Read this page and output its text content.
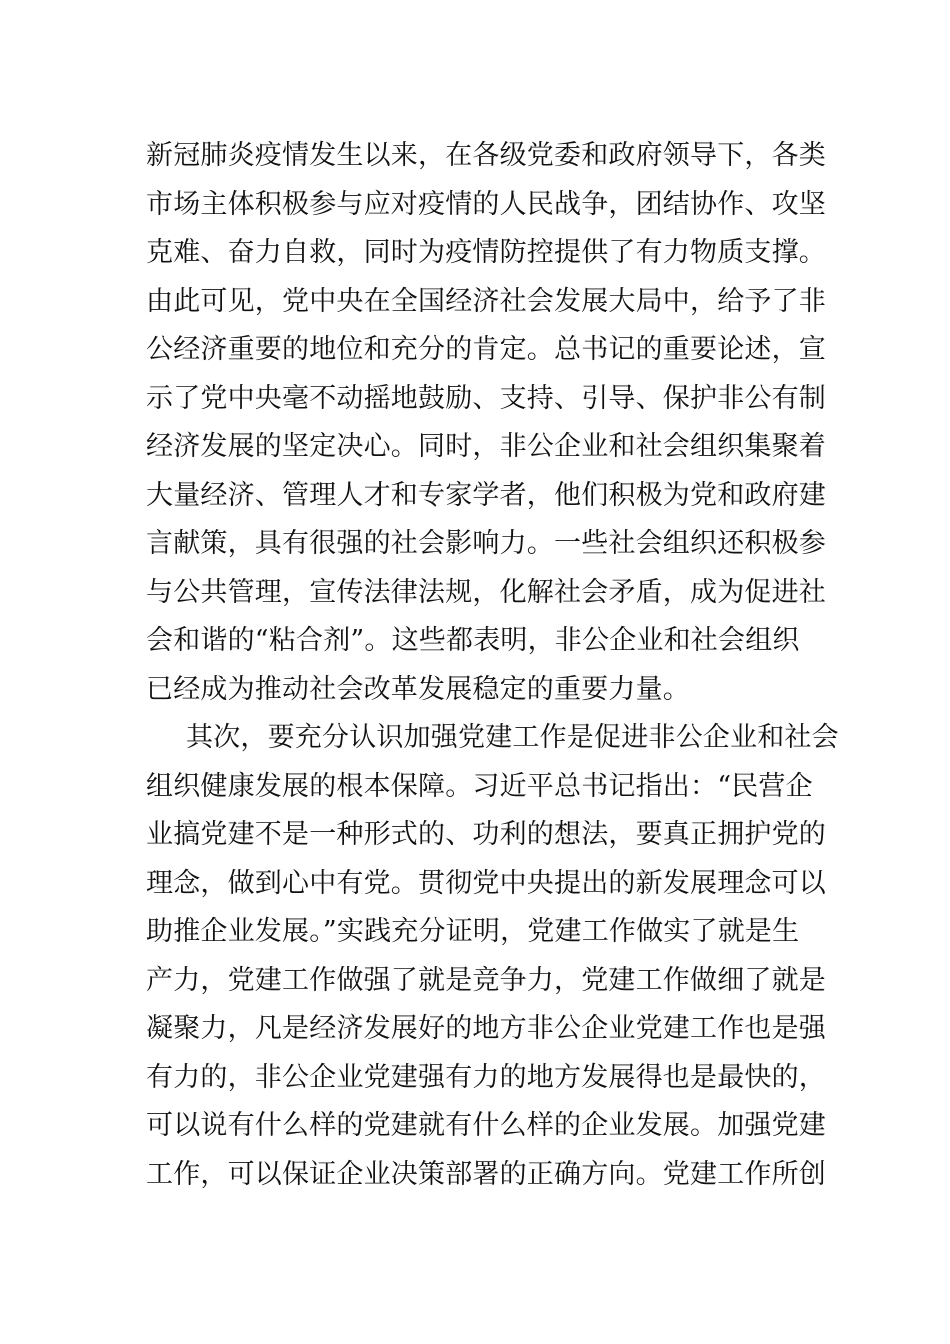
新冠肺炎疫情发生以来，在各级党委和政府领导下，各类
市场主体积极参与应对疫情的人民战争，团结协作、攻坚
克难、奋力自救，同时为疫情防控提供了有力物质支撑。
由此可见，党中央在全国经济社会发展大局中，给予了非
公经济重要的地位和充分的肯定。总书记的重要论述，宣
示了党中央毫不动摇地鼓励、支持、引导、保护非公有制
经济发展的坚定决心。同时，非公企业和社会组织集聚着
大量经济、管理人才和专家学者，他们积极为党和政府建
言献策，具有很强的社会影响力。一些社会组织还积极参
与公共管理，宣传法律法规，化解社会矛盾，成为促进社
会和谐的“粘合剂”。这些都表明，非公企业和社会组织
已经成为推动社会改革发展稳定的重要力量。
其次，要充分认识加强党建工作是促进非公企业和社会
组织健康发展的根本保障。习近平总书记指出：“民营企
业搞党建不是一种形式的、功利的想法，要真正拥护党的
理念，做到心中有党。贯彻党中央提出的新发展理念可以
助推企业发展。”实践充分证明，党建工作做实了就是生
产力，党建工作做强了就是竞争力，党建工作做细了就是
凝聚力，凡是经济发展好的地方非公企业党建工作也是强
有力的，非公企业党建强有力的地方发展得也是最快的，
可以说有什么样的党建就有什么样的企业发展。加强党建
工作，可以保证企业决策部署的正确方向。党建工作所创
